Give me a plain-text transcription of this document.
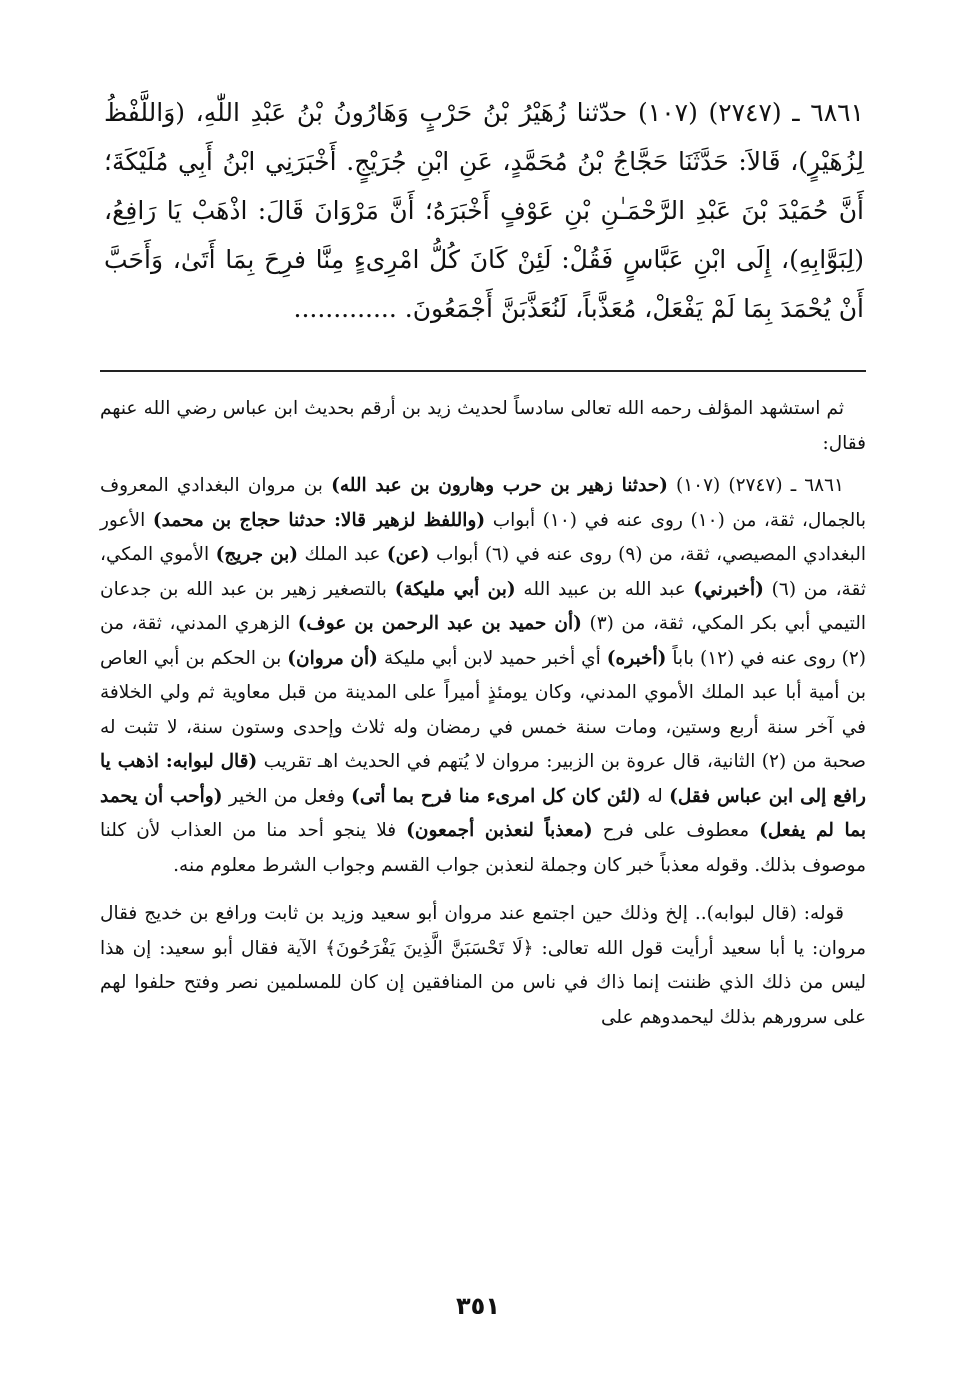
٦٨٦١ ـ (٢٧٤٧) (١٠٧) حدّثنا زُهَيْرُ بْنُ حَرْبٍ وَهَارُونُ بْنُ عَبْدِ اللّٰهِ، (وَاللَّفْظُ لِزُهَيْرٍ)، قَالاَ: حَدَّثَنَا حَجَّاجُ بْنُ مُحَمَّدٍ، عَنِ ابْنِ جُرَيْجٍ. أَخْبَرَنِي ابْنُ أَبِي مُلَيْكَةَ؛ أَنَّ حُمَيْدَ بْنَ عَبْدِ الرَّحْمَـٰنِ بْنِ عَوْفٍ أَخْبَرَهُ؛ أَنَّ مَرْوَانَ قَالَ: اذْهَبْ يَا رَافِعُ، (لِبَوَّابِهِ)، إِلَى ابْنِ عَبَّاسٍ فَقُلْ: لَئِنْ كَانَ كُلُّ امْرِىءٍ مِنَّا فرِحَ بِمَا أَتَىٰ، وَأَحَبَّ أَنْ يُحْمَدَ بِمَا لَمْ يَفْعَلْ، مُعَذَّباً، لَنُعَذَّبَنَّ أَجْمَعُونَ. .............

ثم استشهد المؤلف رحمه الله تعالى سادساً لحديث زيد بن أرقم بحديث ابن عباس رضي الله عنهم فقال:

٦٨٦١ ـ (٢٧٤٧) (١٠٧) (حدثنا زهير بن حرب وهارون بن عبد الله) بن مروان البغدادي المعروف بالجمال، ثقة، من (١٠) روى عنه في (١٠) أبواب (واللفظ لزهير قالا: حدثنا حجاج بن محمد) الأعور البغدادي المصيصي، ثقة، من (٩) روى عنه في (٦) أبواب (عن) عبد الملك (بن جريج) الأموي المكي، ثقة، من (٦) (أخبرني) عبد الله بن عبيد الله (بن أبي مليكة) بالتصغير زهير بن عبد الله بن جدعان التيمي أبي بكر المكي، ثقة، من (٣) (أن حميد بن عبد الرحمن بن عوف) الزهري المدني، ثقة، من (٢) روى عنه في (١٢) باباً (أخبره) أي أخبر حميد لابن أبي مليكة (أن مروان) بن الحكم بن أبي العاص بن أمية أبا عبد الملك الأموي المدني، وكان يومئذٍ أميراً على المدينة من قبل معاوية ثم ولي الخلافة في آخر سنة أربع وستين، ومات سنة خمس في رمضان وله ثلاث وإحدى وستون سنة، لا تثبت له صحبة من (٢) الثانية، قال عروة بن الزبير: مروان لا يُتهم في الحديث اهـ تقريب (قال لبوابه: اذهب يا رافع إلى ابن عباس فقل) له (لئن كان كل امرىء منا فرح بما أتى) وفعل من الخير (وأحب أن يحمد بما لم يفعل) معطوف على فرح (معذباً لنعذبن أجمعون) فلا ينجو أحد منا من العذاب لأن كلنا موصوف بذلك. وقوله معذباً خبر كان وجملة لنعذبن جواب القسم وجواب الشرط معلوم منه.

قوله: (قال لبوابه).. إلخ وذلك حين اجتمع عند مروان أبو سعيد وزيد بن ثابت ورافع بن خديج فقال مروان: يا أبا سعيد أرأيت قول الله تعالى: ﴿لَا تَحْسَبَنَّ الَّذِينَ يَفْرَحُونَ﴾ الآية فقال أبو سعيد: إن هذا ليس من ذلك الذي ظننت إنما ذاك في ناس من المنافقين إن كان للمسلمين نصر وفتح حلفوا لهم على سرورهم بذلك ليحمدوهم على

٣٥١
